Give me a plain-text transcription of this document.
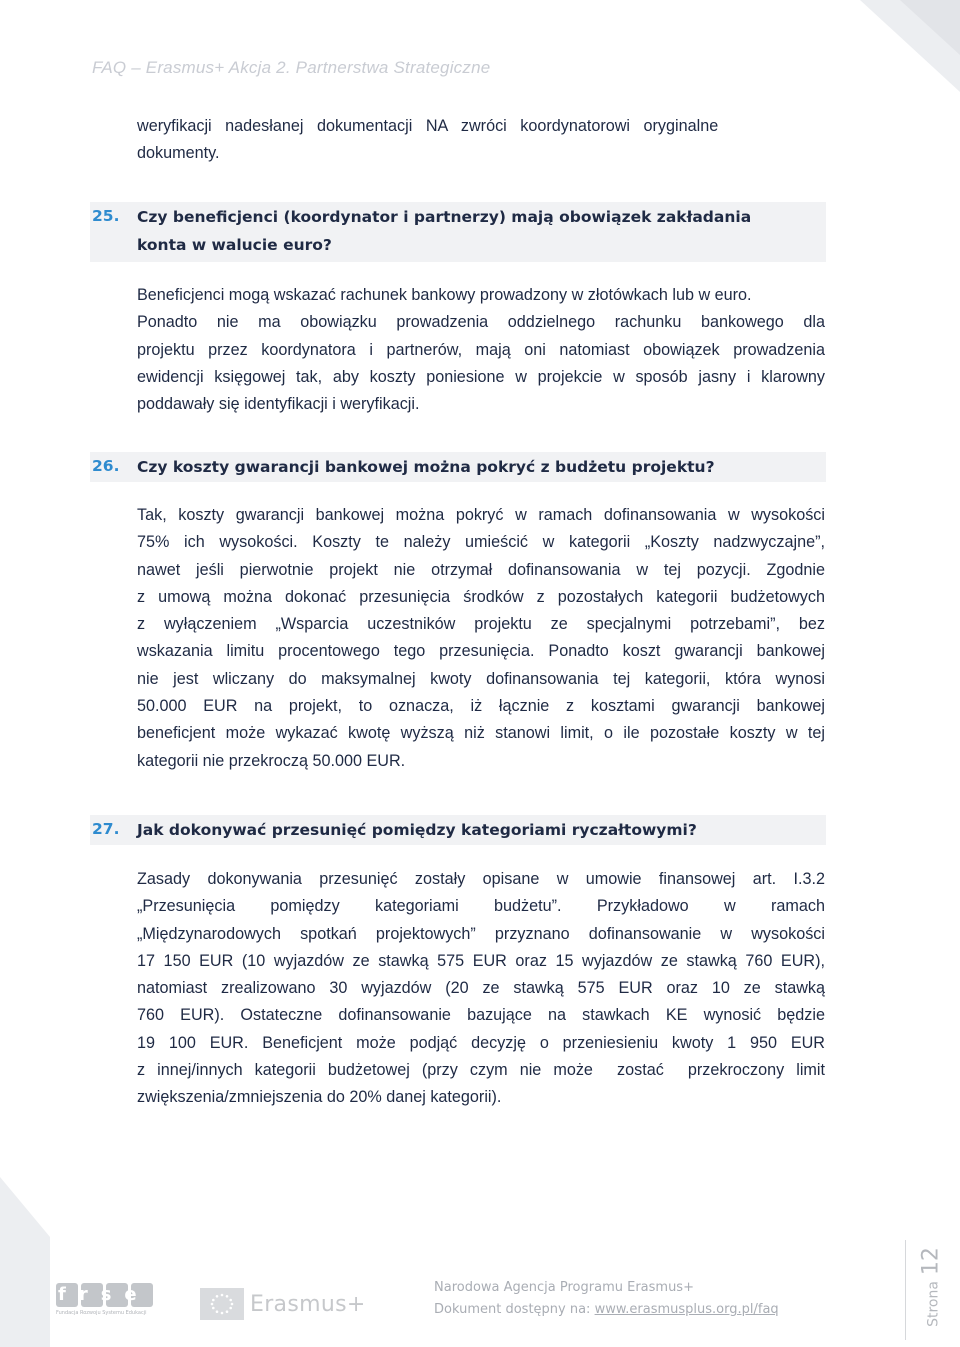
FAQ – Erasmus+ Akcja 2. Partnerstwa Strategiczne
weryfikacji   nadesłanej   dokumentacji   NA   zwróci   koordynatorowi   oryginalne
dokumenty.
25. Czy beneficjenci (koordynator i partnerzy) mają obowiązek zakładania
konta w walucie euro?
Beneficjenci mogą wskazać rachunek bankowy prowadzony w złotówkach lub w euro.
Ponadto nie ma obowiązku prowadzenia oddzielnego rachunku bankowego dla
projektu przez koordynatora i partnerów, mają oni natomiast obowiązek prowadzenia
ewidencji księgowej tak, aby koszty poniesione w projekcie w sposób jasny i klarowny
poddawały się identyfikacji i weryfikacji.
26. Czy koszty gwarancji bankowej można pokryć z budżetu projektu?
Tak, koszty gwarancji bankowej można pokryć w ramach dofinansowania w wysokości
75% ich wysokości. Koszty te należy umieścić w kategorii „Koszty nadzwyczajne”,
nawet jeśli pierwotnie projekt nie otrzymał dofinansowania w tej pozycji. Zgodnie
z umową można dokonać przesunięcia środków z pozostałych kategorii budżetowych
z wyłączeniem „Wsparcia uczestników projektu ze specjalnymi potrzebami”, bez
wskazania limitu procentowego tego przesunięcia. Ponadto koszt gwarancji bankowej
nie jest wliczany do maksymalnej kwoty dofinansowania tej kategorii, która wynosi
50.000 EUR na projekt, to oznacza, iż łącznie z kosztami gwarancji bankowej
beneficjent może wykazać kwotę wyższą niż stanowi limit, o ile pozostałe koszty w tej
kategorii nie przekroczą 50.000 EUR.
27. Jak dokonywać przesunięć pomiędzy kategoriami ryczałtowymi?
Zasady dokonywania przesunięć zostały opisane w umowie finansowej art. I.3.2
„Przesunięcia pomiędzy kategoriami budżetu”. Przykładowo w ramach
„Międzynarodowych spotkań projektowych” przyznano dofinansowanie w wysokości
17 150 EUR (10 wyjazdów ze stawką 575 EUR oraz 15 wyjazdów ze stawką 760 EUR),
natomiast zrealizowano 30 wyjazdów (20 ze stawką 575 EUR oraz 10 ze stawką
760 EUR). Ostateczne dofinansowanie bazujące na stawkach KE wynosić będzie
19 100 EUR. Beneficjent może podjąć decyzję o przeniesieniu kwoty 1 950 EUR
z innej/innych kategorii budżetowej (przy czym nie może  zostać  przekroczony limit
zwiększenia/zmniejszenia do 20% danej kategorii).
frse
Fundacja Rozwoju Systemu Edukacji	Erasmus+
Narodowa Agencja Programu Erasmus+
Dokument dostępny na: www.erasmusplus.org.pl/faq	Strona12
